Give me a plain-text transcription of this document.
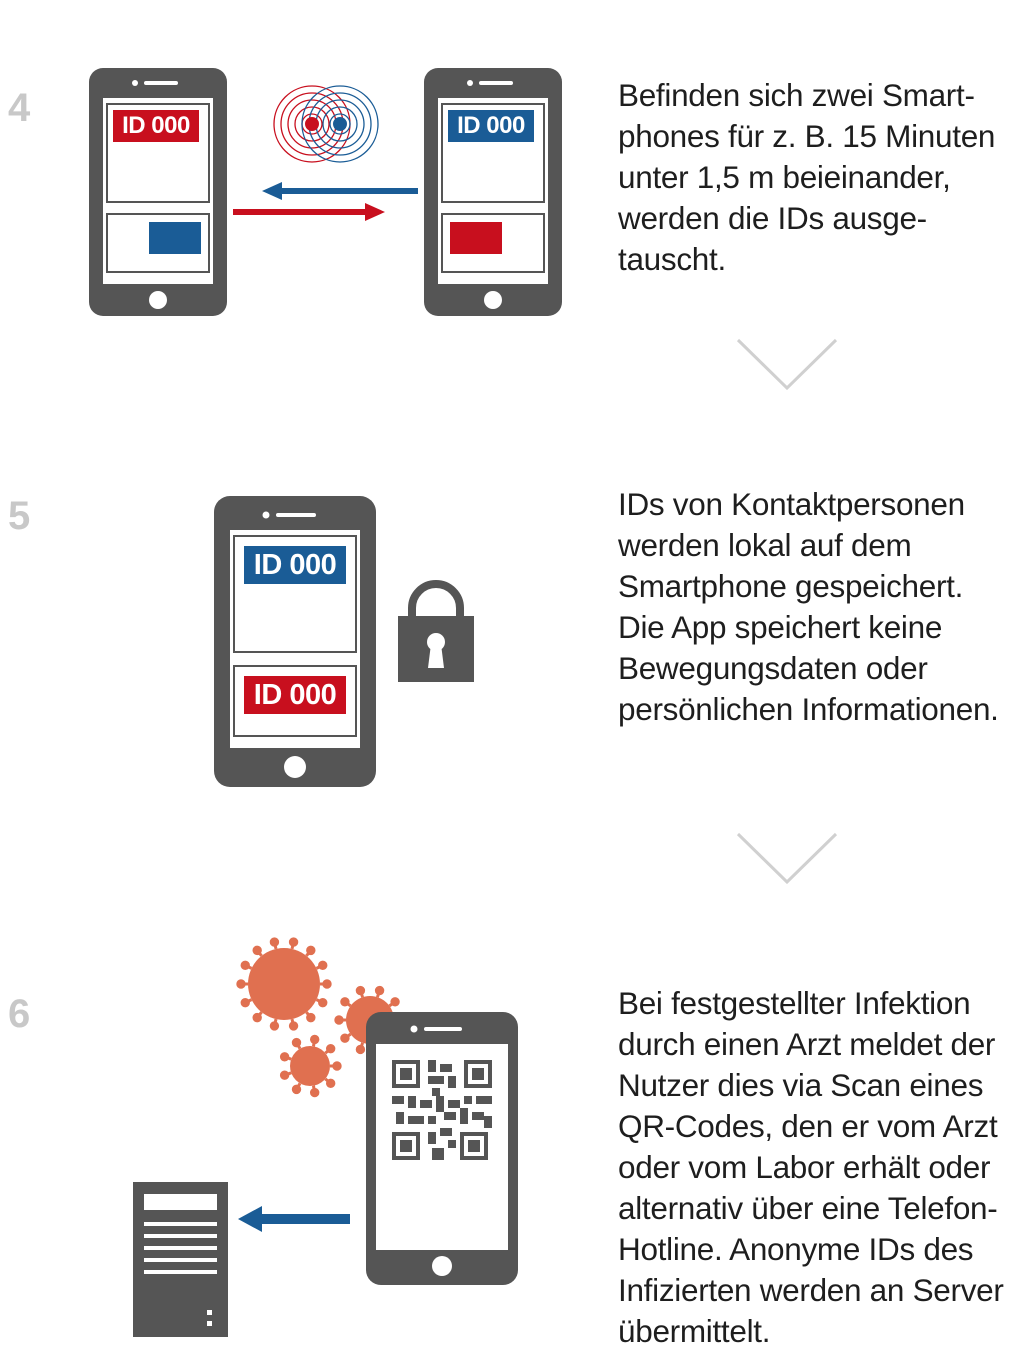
4	ID 000	ID 000

Befinden sich zwei Smart-
phones für z. B. 15 Minuten
unter 1,5 m beieinander,
werden die IDs ausge-
tauscht.

5
ID 000
ID 000

IDs von Kontaktpersonen
werden lokal auf dem
Smartphone gespeichert.
Die App speichert keine
Bewegungsdaten oder
persönlichen Informationen.

6	Bei festgestellter Infektion
durch einen Arzt meldet der
Nutzer dies via Scan eines
QR-Codes, den er vom Arzt
oder vom Labor erhält oder
alternativ über eine Telefon-
Hotline. Anonyme IDs des
Infizierten werden an Server
übermittelt.
